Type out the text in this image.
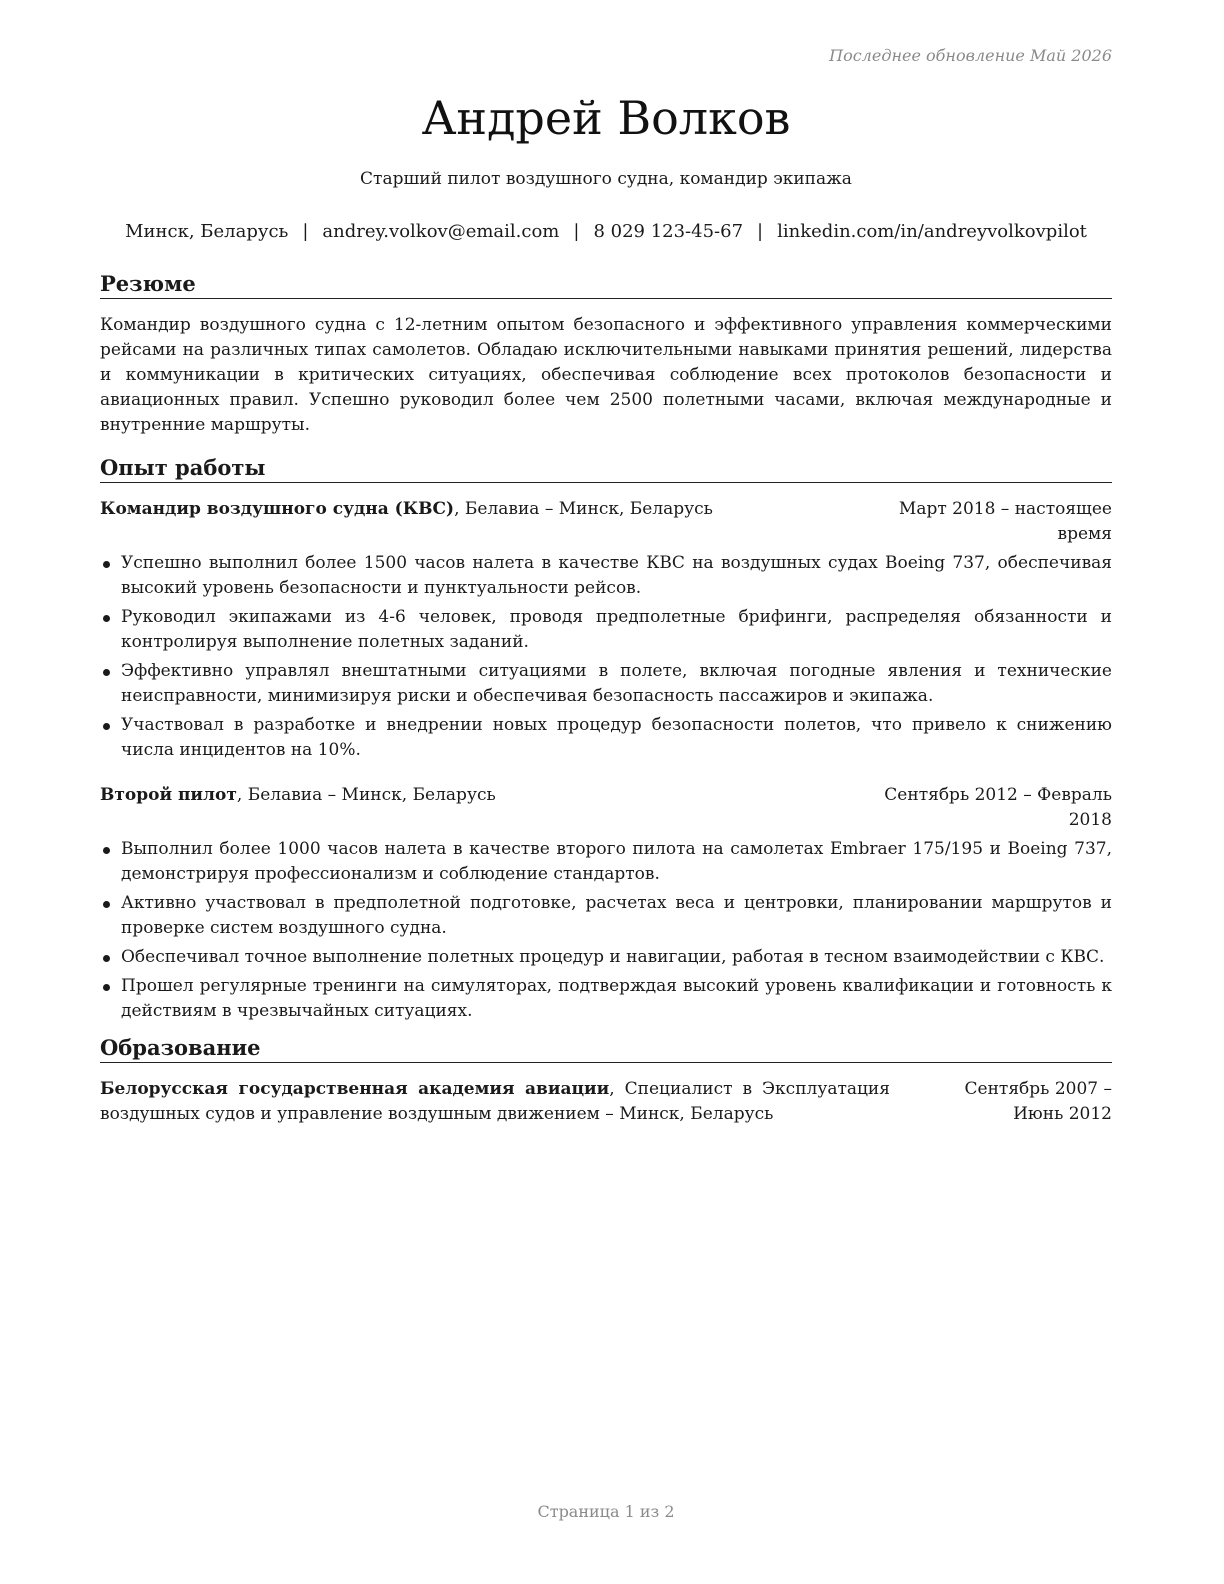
Последнее обновление Май 2026
Андрей Волков
Старший пилот воздушного судна, командир экипажа
Минск, Беларусь | andrey.volkov@email.com | 8 029 123-45-67 | linkedin.com/in/andreyvolkovpilot
Резюме

Командир воздушного судна с 12-летним опытом безопасного и эффективного управления коммерческими рейсами на различных типах самолетов. Обладаю исключительными навыками принятия решений, лидерства и коммуникации в критических ситуациях, обеспечивая соблюдение всех протоколов безопасности и авиационных правил. Успешно руководил более чем 2500 полетными часами, включая международные и внутренние маршруты.

Опыт работы
Командир воздушного судна (КВС), Белавиа – Минск, Беларусь	Март 2018 – настоящее время
Успешно выполнил более 1500 часов налета в качестве КВС на воздушных судах Boeing 737, обеспечивая высокий уровень безопасности и пунктуальности рейсов.
Руководил экипажами из 4-6 человек, проводя предполетные брифинги, распределяя обязанности и контролируя выполнение полетных заданий.
Эффективно управлял внештатными ситуациями в полете, включая погодные явления и технические неисправности, минимизируя риски и обеспечивая безопасность пассажиров и экипажа.
Участвовал в разработке и внедрении новых процедур безопасности полетов, что привело к снижению числа инцидентов на 10%.
Второй пилот, Белавиа – Минск, Беларусь	Сентябрь 2012 – Февраль 2018
Выполнил более 1000 часов налета в качестве второго пилота на самолетах Embraer 175/195 и Boeing 737, демонстрируя профессионализм и соблюдение стандартов.
Активно участвовал в предполетной подготовке, расчетах веса и центровки, планировании маршрутов и проверке систем воздушного судна.
Обеспечивал точное выполнение полетных процедур и навигации, работая в тесном взаимодействии с КВС.
Прошел регулярные тренинги на симуляторах, подтверждая высокий уровень квалификации и готовность к действиям в чрезвычайных ситуациях.
Образование
Белорусская государственная академия авиации, Специалист в Эксплуатация воздушных судов и управление воздушным движением – Минск, Беларусь
Сентябрь 2007 – Июнь 2012
Страница 1 из 2
